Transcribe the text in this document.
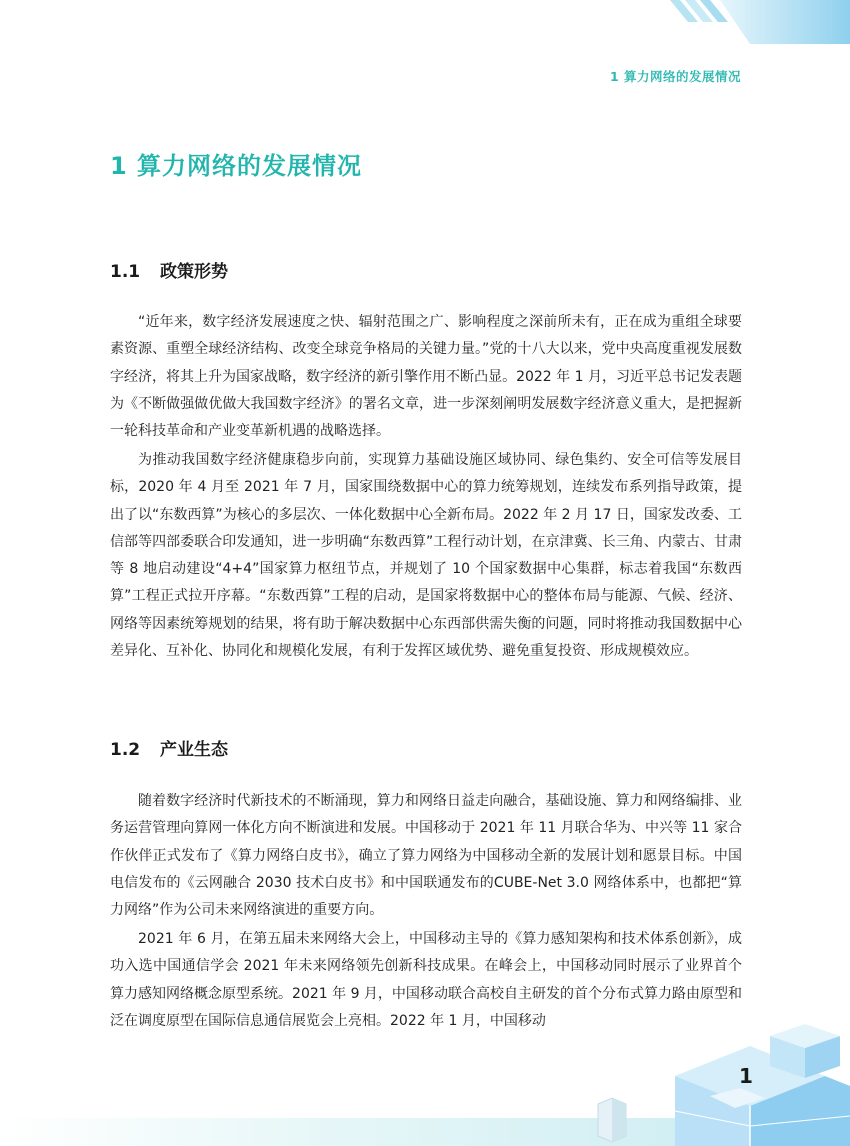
1 算力网络的发展情况
1 算力网络的发展情况
1.1 政策形势

“近年来，数字经济发展速度之快、辐射范围之广、影响程度之深前所未有，正在成为重组全球要素资源、重塑全球经济结构、改变全球竞争格局的关键力量。”党的十八大以来，党中央高度重视发展数字经济，将其上升为国家战略，数字经济的新引擎作用不断凸显。2022 年 1 月，习近平总书记发表题为《不断做强做优做大我国数字经济》的署名文章，进一步深刻阐明发展数字经济意义重大，是把握新一轮科技革命和产业变革新机遇的战略选择。

为推动我国数字经济健康稳步向前，实现算力基础设施区域协同、绿色集约、安全可信等发展目标，2020 年 4 月至 2021 年 7 月，国家围绕数据中心的算力统筹规划，连续发布系列指导政策，提出了以“东数西算”为核心的多层次、一体化数据中心全新布局。2022 年 2 月 17 日，国家发改委、工信部等四部委联合印发通知，进一步明确“东数西算”工程行动计划，在京津冀、长三角、内蒙古、甘肃等 8 地启动建设“4+4”国家算力枢纽节点，并规划了 10 个国家数据中心集群，标志着我国“东数西算”工程正式拉开序幕。“东数西算”工程的启动，是国家将数据中心的整体布局与能源、气候、经济、网络等因素统筹规划的结果，将有助于解决数据中心东西部供需失衡的问题，同时将推动我国数据中心差异化、互补化、协同化和规模化发展，有利于发挥区域优势、避免重复投资、形成规模效应。

1.2 产业生态

随着数字经济时代新技术的不断涌现，算力和网络日益走向融合，基础设施、算力和网络编排、业务运营管理向算网一体化方向不断演进和发展。中国移动于 2021 年 11 月联合华为、中兴等 11 家合作伙伴正式发布了《算力网络白皮书》，确立了算力网络为中国移动全新的发展计划和愿景目标。中国电信发布的《云网融合 2030 技术白皮书》和中国联通发布的CUBE-Net 3.0 网络体系中，也都把“算力网络”作为公司未来网络演进的重要方向。

2021 年 6 月，在第五届未来网络大会上，中国移动主导的《算力感知架构和技术体系创新》，成功入选中国通信学会 2021 年未来网络领先创新科技成果。在峰会上，中国移动同时展示了业界首个算力感知网络概念原型系统。2021 年 9 月，中国移动联合高校自主研发的首个分布式算力路由原型和泛在调度原型在国际信息通信展览会上亮相。2022 年 1 月，中国移动

1
